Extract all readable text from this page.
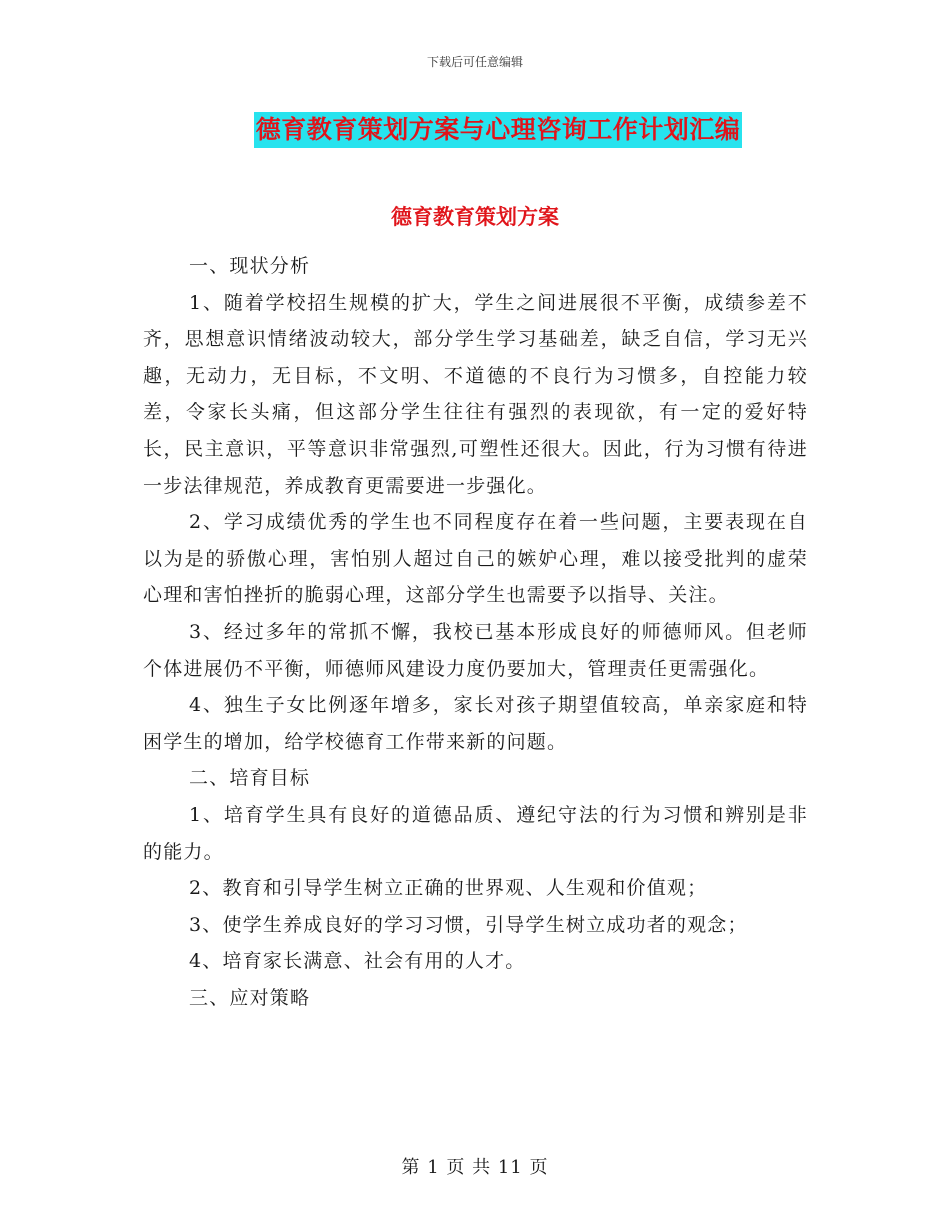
下载后可任意编辑
德育教育策划方案与心理咨询工作计划汇编
德育教育策划方案

一、现状分析

1、随着学校招生规模的扩大，学生之间进展很不平衡，成绩参差不齐，思想意识情绪波动较大，部分学生学习基础差，缺乏自信，学习无兴趣，无动力，无目标，不文明、不道德的不良行为习惯多，自控能力较差，令家长头痛，但这部分学生往往有强烈的表现欲，有一定的爱好特长，民主意识，平等意识非常强烈,可塑性还很大。因此，行为习惯有待进一步法律规范，养成教育更需要进一步强化。

2、学习成绩优秀的学生也不同程度存在着一些问题，主要表现在自以为是的骄傲心理，害怕别人超过自己的嫉妒心理，难以接受批判的虚荣心理和害怕挫折的脆弱心理，这部分学生也需要予以指导、关注。

3、经过多年的常抓不懈，我校已基本形成良好的师德师风。但老师个体进展仍不平衡，师德师风建设力度仍要加大，管理责任更需强化。

4、独生子女比例逐年增多，家长对孩子期望值较高，单亲家庭和特困学生的增加，给学校德育工作带来新的问题。

二、培育目标

1、培育学生具有良好的道德品质、遵纪守法的行为习惯和辨别是非的能力。

2、教育和引导学生树立正确的世界观、人生观和价值观；

3、使学生养成良好的学习习惯，引导学生树立成功者的观念；

4、培育家长满意、社会有用的人才。

三、应对策略

第 1 页 共 11 页
